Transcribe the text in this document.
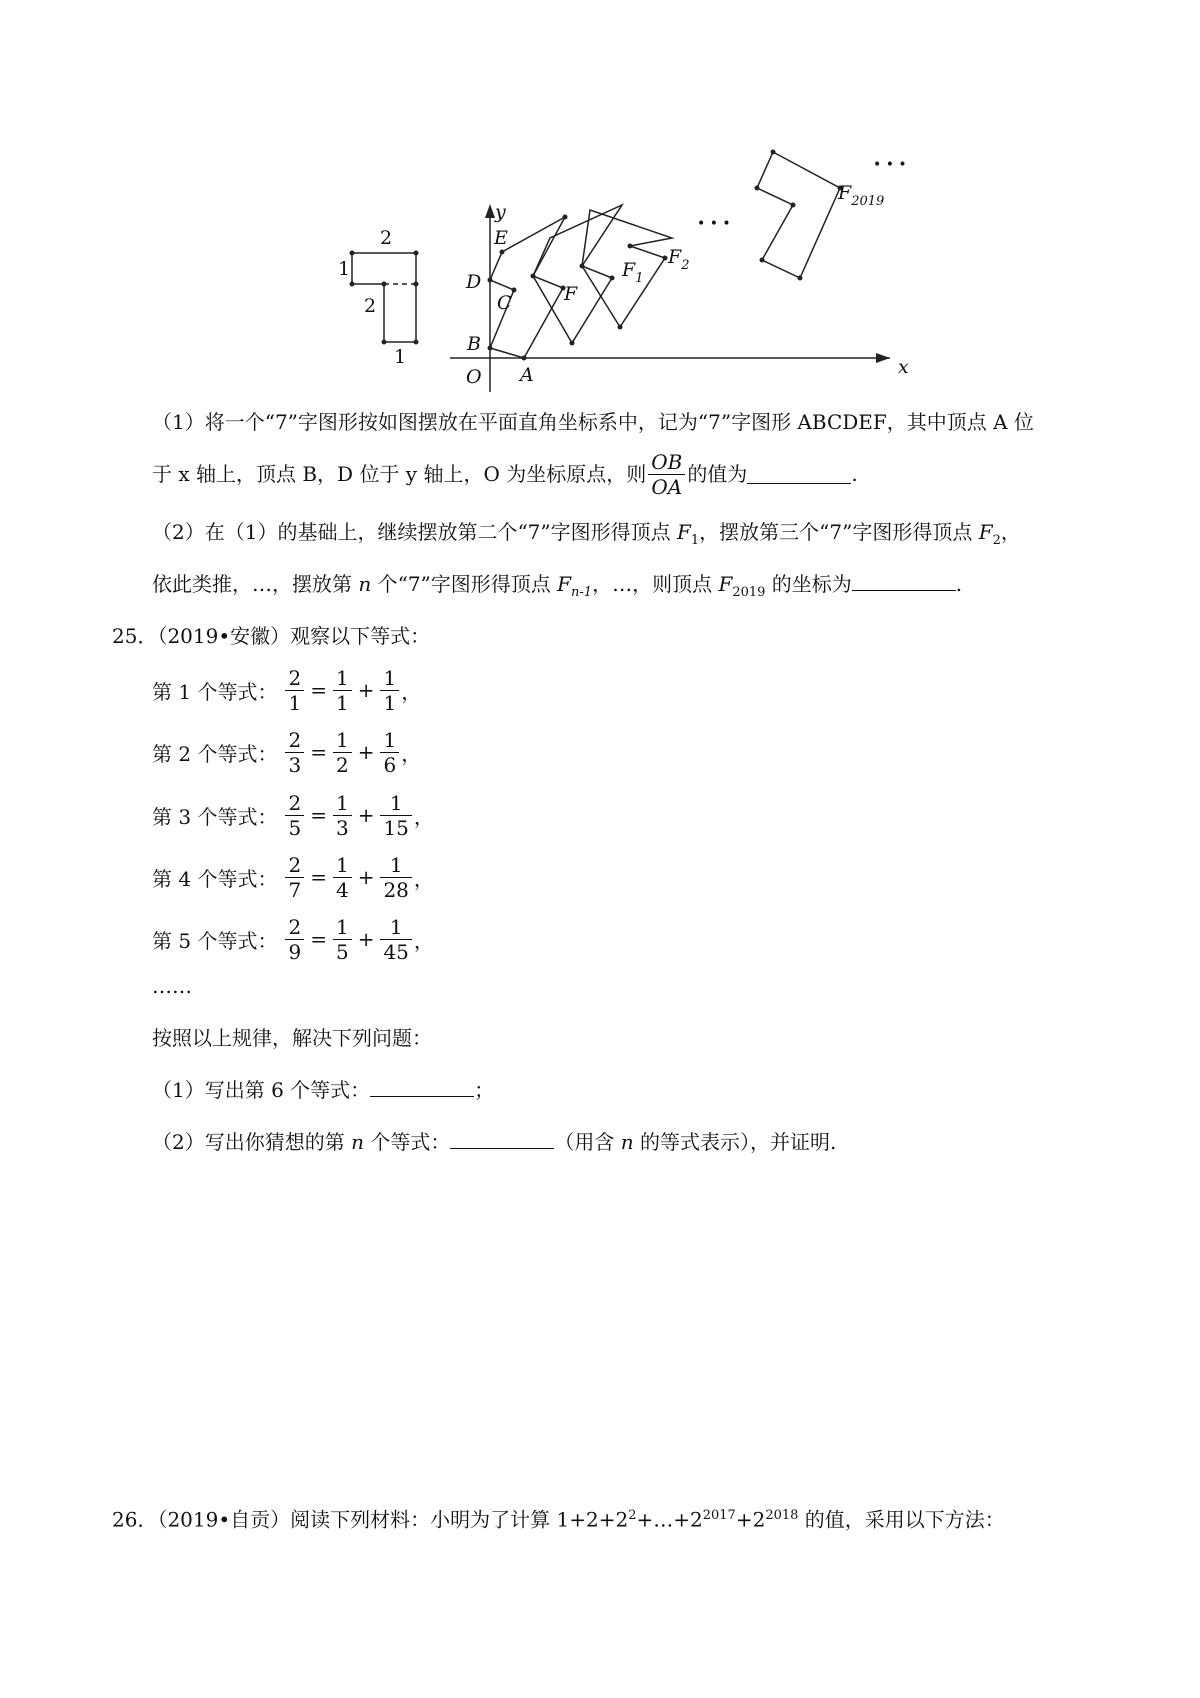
2
1
2
1	x
y
O A
B
C
D
E
F
$F_1$
$F_2$
$F_{2019}$
• • •
• • •
（1）将一个“7”字图形按如图摆放在平面直角坐标系中，记为“7”字图形 ABCDEF，其中顶点 A 位
于 x 轴上，顶点 B，D 位于 y 轴上，O 为坐标原点，则 $\frac{OB}{OA}$ 的值为	.
（2）在（1）的基础上，继续摆放第二个“7”字图形得顶点 $F_1$，摆放第三个“7”字图形得顶点 $F_2$，
依此类推，…，摆放第 n 个“7”字图形得顶点 $F_{n-1}$，…，则顶点 $F_{2019}$ 的坐标为	.
25．（2019•安徽）观察以下等式：
第 1 个等式： $\frac{2}{1} = \frac{1}{1} + \frac{1}{1}$ ，
第 2 个等式： $\frac{2}{3} = \frac{1}{2} + \frac{1}{6}$ ，
第 3 个等式： $\frac{2}{5} = \frac{1}{3} + \frac{1}{15}$ ，
第 4 个等式： $\frac{2}{7} = \frac{1}{4} + \frac{1}{28}$ ，
第 5 个等式： $\frac{2}{9} = \frac{1}{5} + \frac{1}{45}$ ，
……
按照以上规律，解决下列问题：
（1）写出第 6 个等式：	；
（2）写出你猜想的第 n 个等式：	（用含 n 的等式表示），并证明.
26．（2019•自贡）阅读下列材料：小明为了计算 $1+2+2^2+\dots+2^{2017}+2^{2018}$ 的值，采用以下方法：
